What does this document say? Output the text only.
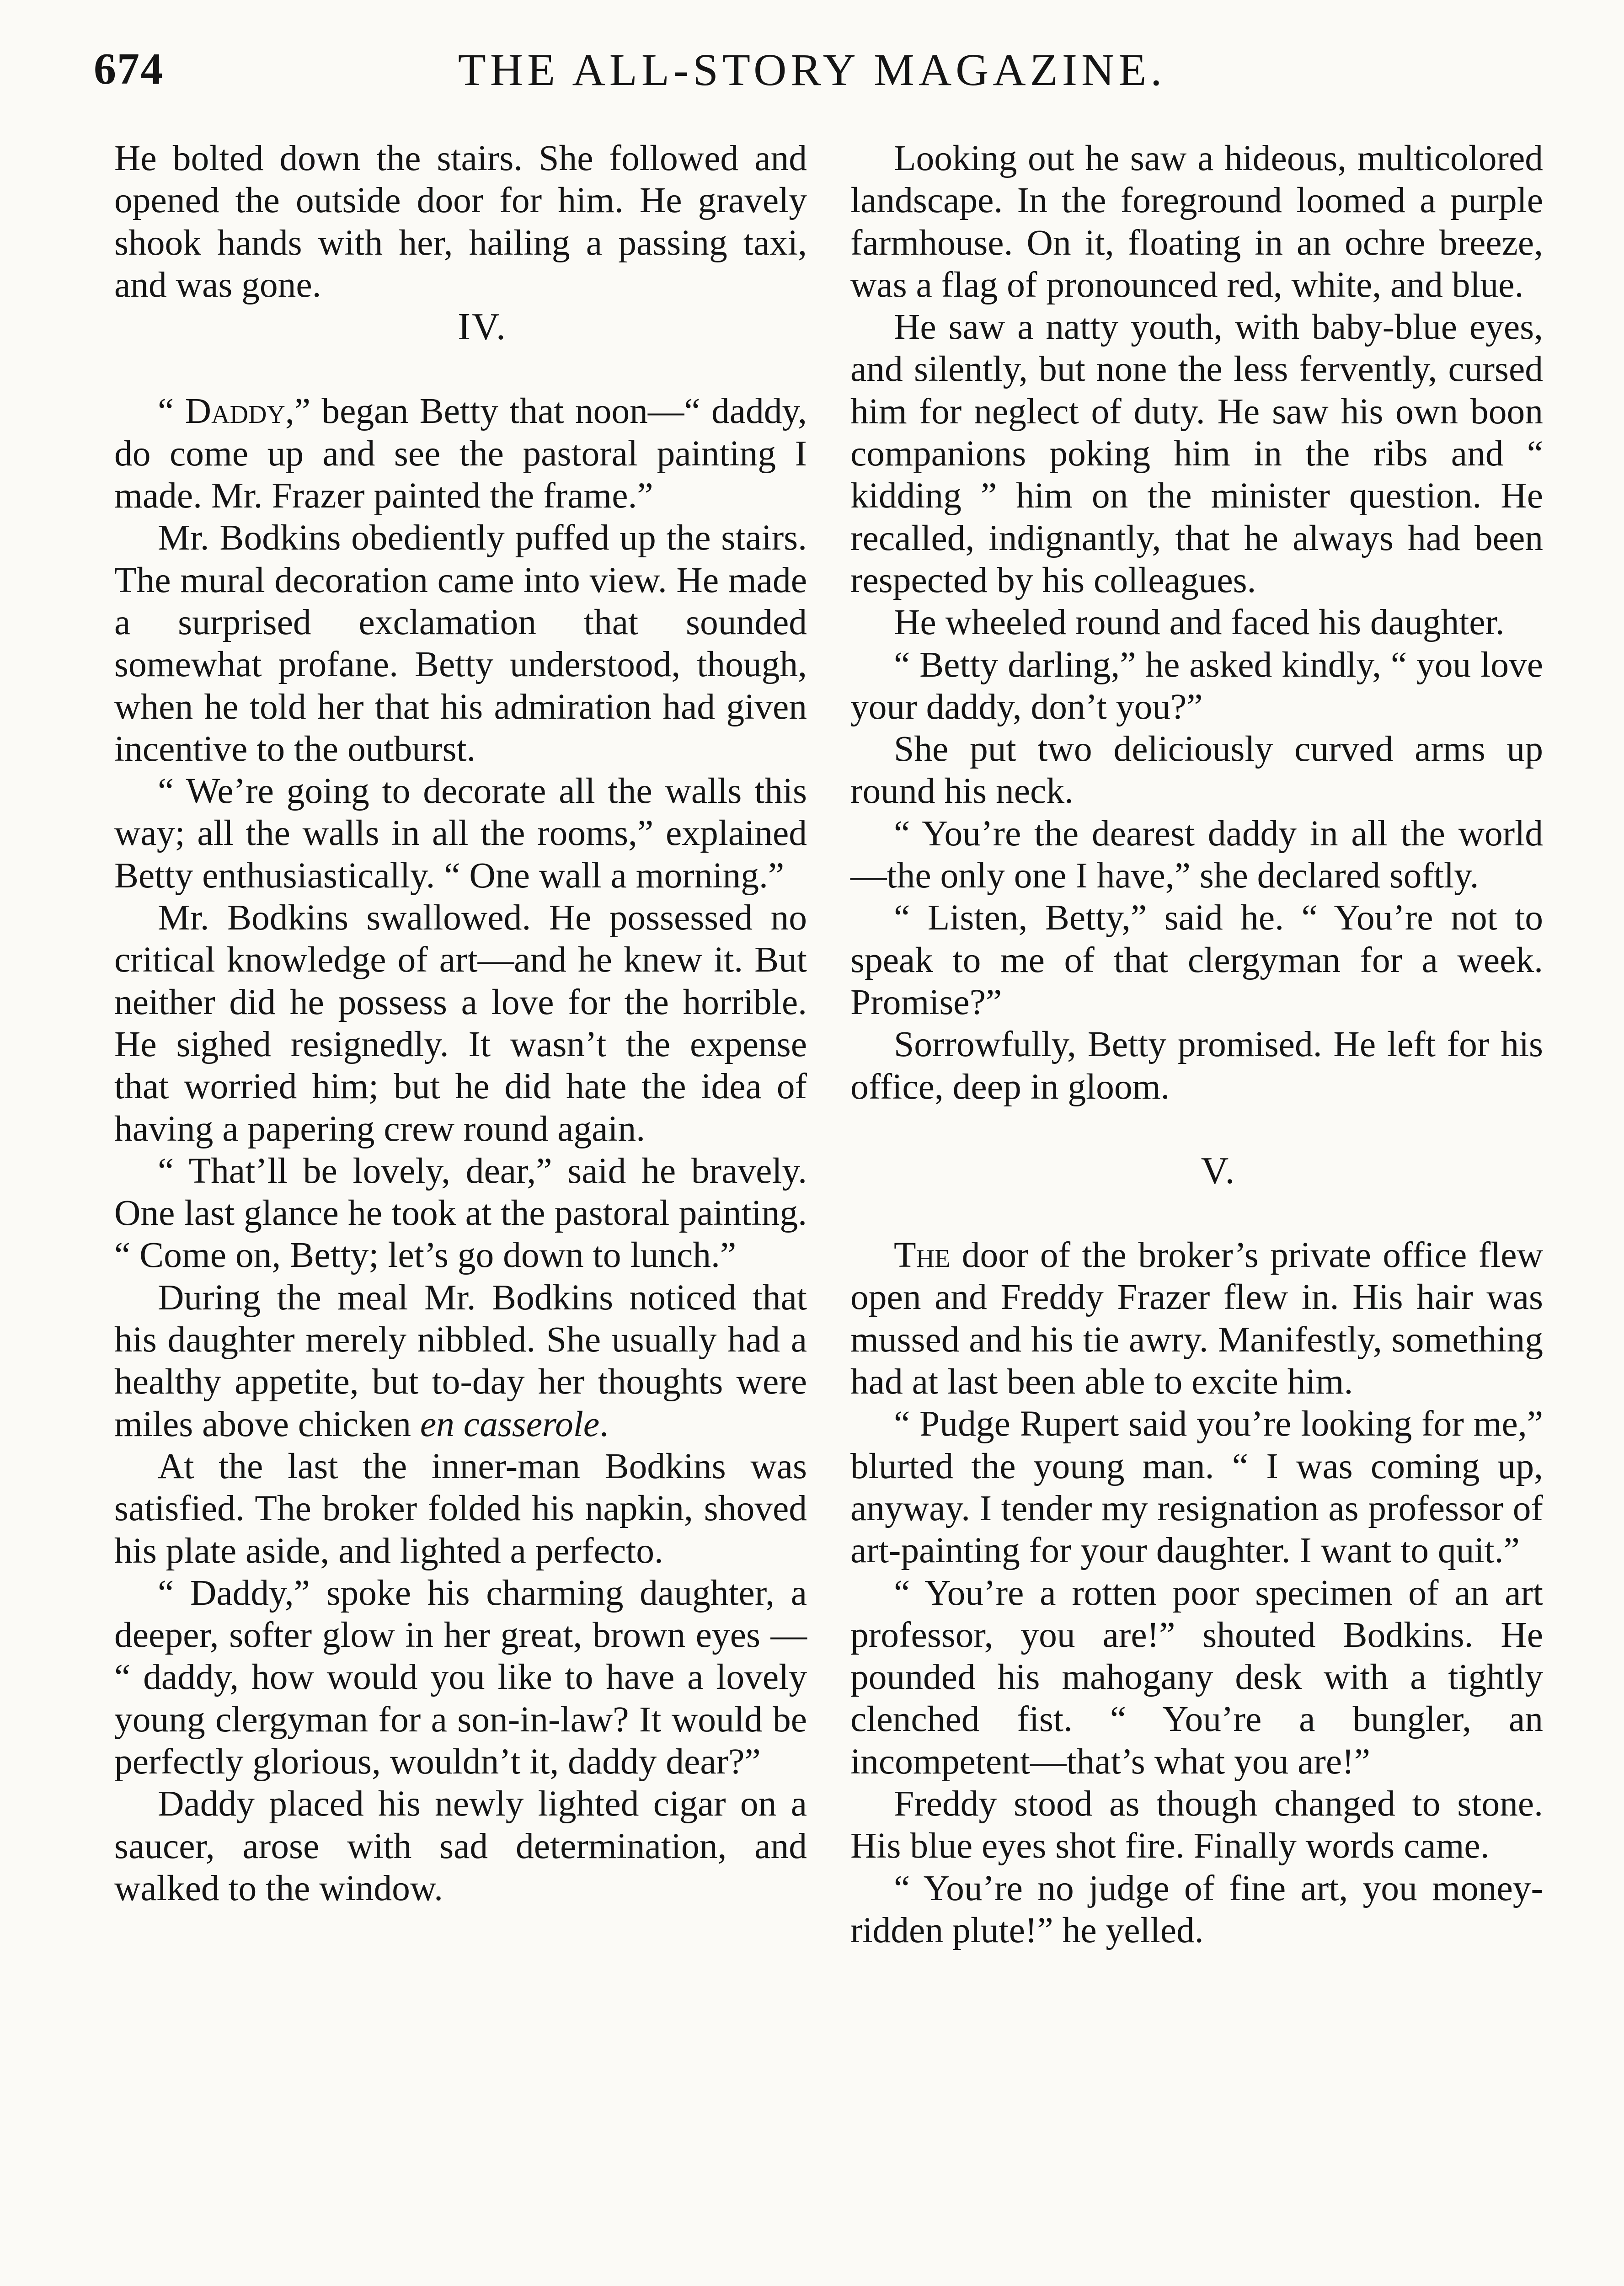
674	THE ALL-STORY MAGAZINE.

He bolted down the stairs. She followed and opened the outside door for him. He gravely shook hands with her, hailing a passing taxi, and was gone.

IV.

“ Daddy,” began Betty that noon—“ daddy, do come up and see the pastoral painting I made. Mr. Frazer painted the frame.”

Mr. Bodkins obediently puffed up the stairs. The mural decoration came into view. He made a surprised exclamation that sounded somewhat profane. Betty understood, though, when he told her that his admiration had given incentive to the outburst.

“ We’re going to decorate all the walls this way; all the walls in all the rooms,” explained Betty enthusiastically. “ One wall a morning.”

Mr. Bodkins swallowed. He possessed no critical knowledge of art—and he knew it. But neither did he possess a love for the horrible. He sighed resignedly. It wasn’t the expense that worried him; but he did hate the idea of having a papering crew round again.

“ That’ll be lovely, dear,” said he bravely. One last glance he took at the pastoral painting. “ Come on, Betty; let’s go down to lunch.”

During the meal Mr. Bodkins noticed that his daughter merely nibbled. She usually had a healthy appetite, but to-day her thoughts were miles above chicken en casserole.

At the last the inner-man Bodkins was satisfied. The broker folded his napkin, shoved his plate aside, and lighted a perfecto.

“ Daddy,” spoke his charming daughter, a deeper, softer glow in her great, brown eyes — “ daddy, how would you like to have a lovely young clergyman for a son-in-law? It would be perfectly glorious, wouldn’t it, daddy dear?”

Daddy placed his newly lighted cigar on a saucer, arose with sad determination, and walked to the window.

Looking out he saw a hideous, multicolored landscape. In the foreground loomed a purple farmhouse. On it, floating in an ochre breeze, was a flag of pronounced red, white, and blue.

He saw a natty youth, with baby-blue eyes, and silently, but none the less fervently, cursed him for neglect of duty. He saw his own boon companions poking him in the ribs and “ kidding ” him on the minister question. He recalled, indignantly, that he always had been respected by his colleagues.

He wheeled round and faced his daughter.

“ Betty darling,” he asked kindly, “ you love your daddy, don’t you?”

She put two deliciously curved arms up round his neck.

“ You’re the dearest daddy in all the world—the only one I have,” she declared softly.

“ Listen, Betty,” said he. “ You’re not to speak to me of that clergyman for a week. Promise?”

Sorrowfully, Betty promised. He left for his office, deep in gloom.

V.

The door of the broker’s private office flew open and Freddy Frazer flew in. His hair was mussed and his tie awry. Manifestly, something had at last been able to excite him.

“ Pudge Rupert said you’re looking for me,” blurted the young man. “ I was coming up, anyway. I tender my resignation as professor of art-painting for your daughter. I want to quit.”

“ You’re a rotten poor specimen of an art professor, you are!” shouted Bodkins. He pounded his mahogany desk with a tightly clenched fist. “ You’re a bungler, an incompetent—that’s what you are!”

Freddy stood as though changed to stone. His blue eyes shot fire. Finally words came.

“ You’re no judge of fine art, you money-ridden plute!” he yelled.
